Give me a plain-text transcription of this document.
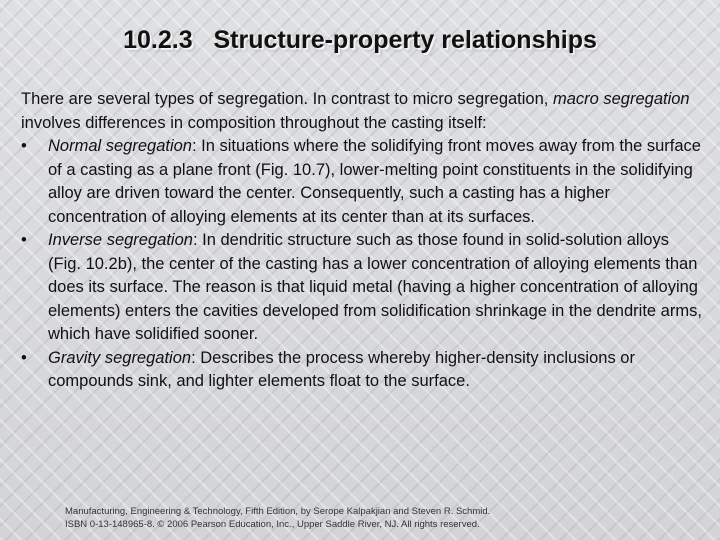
10.2.3   Structure-property relationships

There are several types of segregation. In contrast to micro segregation, macro segregation involves differences in composition throughout the casting itself:

•	Normal segregation: In situations where the solidifying front moves away from the surface of a casting as a plane front (Fig. 10.7), lower-melting point constituents in the solidifying alloy are driven toward the center. Consequently, such a casting has a higher concentration of alloying elements at its center than at its surfaces.
•	Inverse segregation: In dendritic structure such as those found in solid-solution alloys (Fig. 10.2b), the center of the casting has a lower concentration of alloying elements than does its surface. The reason is that liquid metal (having a higher concentration of alloying elements) enters the cavities developed from solidification shrinkage in the dendrite arms, which have solidified sooner.
•	Gravity segregation: Describes the process whereby higher-density inclusions or compounds sink, and lighter elements float to the surface.
Manufacturing, Engineering & Technology, Fifth Edition, by Serope Kalpakjian and Steven R. Schmid.
ISBN 0-13-148965-8. © 2006 Pearson Education, Inc., Upper Saddle River, NJ. All rights reserved.
